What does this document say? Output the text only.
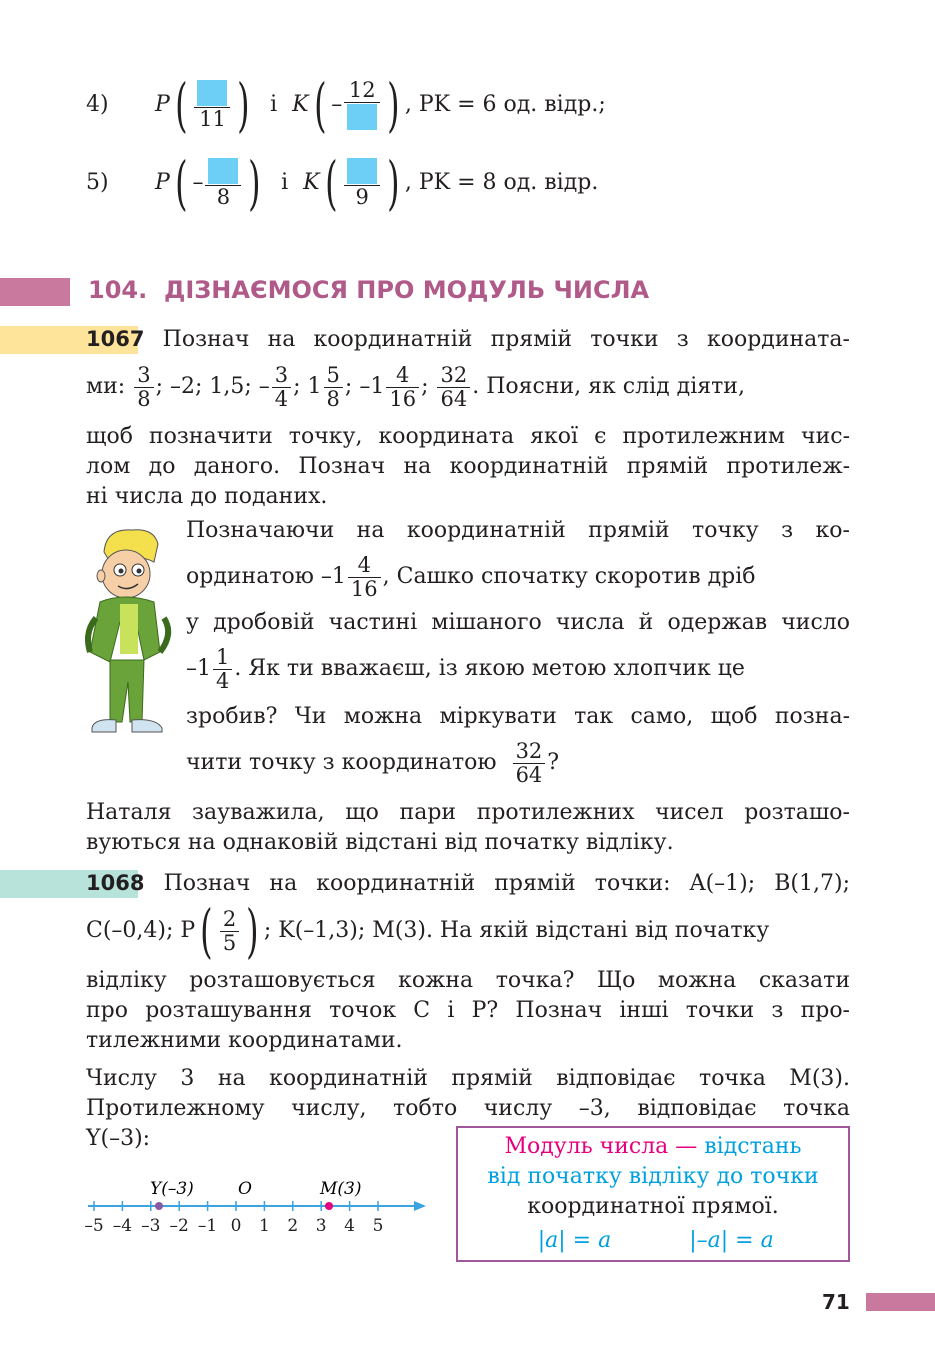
4) P( 11 ) і K( –
12 ) , PK = 6 од. відр.;
5) P( –
8 ) і K( 9 ) , PK = 8 од. відр.
104. ДІЗНАЄМОСЯ ПРО МОДУЛЬ ЧИСЛА
1067 Познач на координатній прямій точки з координата-
ми: $\frac{3}{8}$ ; –2; 1,5; – $\frac{3}{4}$ ; $1 \frac{5}{8}$ ; $-1 \frac{4}{16}$ ; $\frac{32}{64}$ . Поясни, як слід діяти,
щоб позначити точку, координата якої є протилежним чис-
лом до даного. Познач на координатній прямій протилеж-
ні числа до поданих.
Позначаючи на координатній прямій точку з ко-
ординатою $-1 \frac{4}{16}$ , Сашко спочатку скоротив дріб
у дробовій частині мішаного числа й одержав число
$-1 \frac{1}{4}$ . Як ти вважаєш, із якою метою хлопчик це
зробив? Чи можна міркувати так само, щоб позна-
чити точку з координатою $\frac{32}{64}$ ?
Наталя зауважила, що пари протилежних чисел розташо-
вуються на однаковій відстані від початку відліку.
1068 Познач на координатній прямій точки: A(–1); B(1,7);
C(–0,4); $P( \frac{2}{5}$ ) ; K(–1,3); M(3). На якій відстані від початку
відліку розташовується кожна точка? Що можна сказати
про розташування точок C і P? Познач інші точки з про-
тилежними координатами.
Числу 3 на координатній прямій відповідає точка M(3).
Протилежному числу, тобто числу –3, відповідає точка
Y(–3):
Y(–3)	O	M(3)
–5 –4 –3 –2 –1 0 1 2 3 4 5
Модуль числа — відстань
від початку відліку до точки
координатної прямої.
|a| = a	|–a| = a
71
